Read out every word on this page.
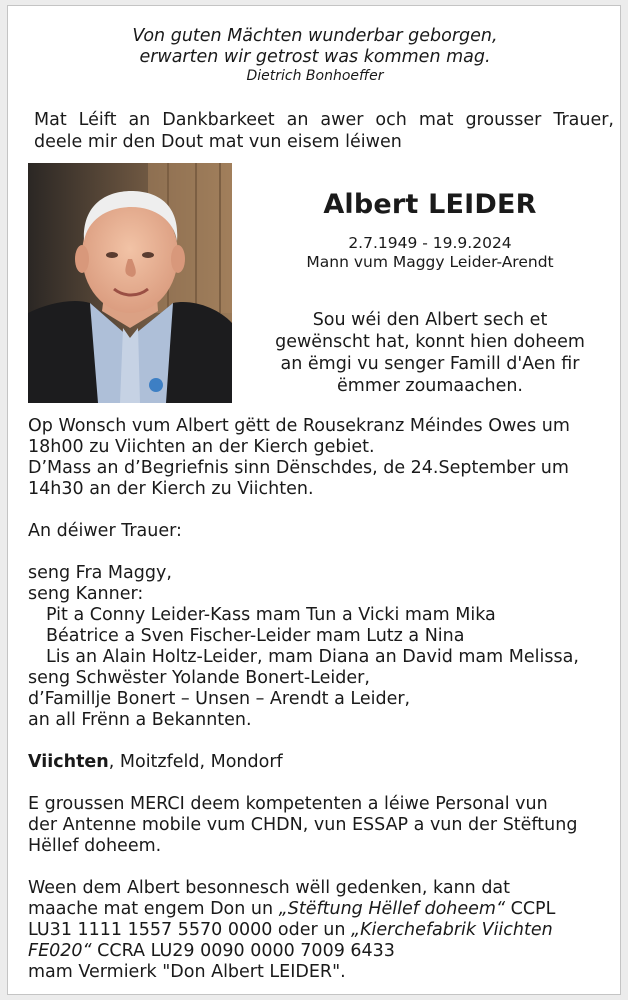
Von guten Mächten wunderbar geborgen,
erwarten wir getrost was kommen mag.
Dietrich Bonhoeffer
Mat Léift an Dankbarkeet an awer och mat grousser Trauer,
deele mir den Dout mat vun eisem léiwen
Albert LEIDER
2.7.1949 - 19.9.2024
Mann vum Maggy Leider-Arendt
Sou wéi den Albert sech et
gewënscht hat, konnt hien doheem
an ëmgi vu senger Famill d'Aen fir
ëmmer zoumaachen.
Op Wonsch vum Albert gëtt de Rousekranz Méindes Owes um
18h00 zu Viichten an der Kierch gebiet.
D’Mass an d’Begriefnis sinn Dënschdes, de 24.September um
14h30 an der Kierch zu Viichten.
An déiwer Trauer:
seng Fra Maggy,
seng Kanner:
Pit a Conny Leider-Kass mam Tun a Vicki mam Mika
Béatrice a Sven Fischer-Leider mam Lutz a Nina
Lis an Alain Holtz-Leider, mam Diana an David mam Melissa,
seng Schwëster Yolande Bonert-Leider,
d’Famillje Bonert – Unsen – Arendt a Leider,
an all Frënn a Bekannten.
Viichten, Moitzfeld, Mondorf
E groussen MERCI deem kompetenten a léiwe Personal vun
der Antenne mobile vum CHDN, vun ESSAP a vun der Stëftung
Hëllef doheem.
Ween dem Albert besonnesch wëll gedenken, kann dat
maache mat engem Don un „Stëftung Hëllef doheem“ CCPL
LU31 1111 1557 5570 0000 oder un „Kierchefabrik Viichten
FE020“ CCRA LU29 0090 0000 7009 6433
mam Vermierk "Don Albert LEIDER".
